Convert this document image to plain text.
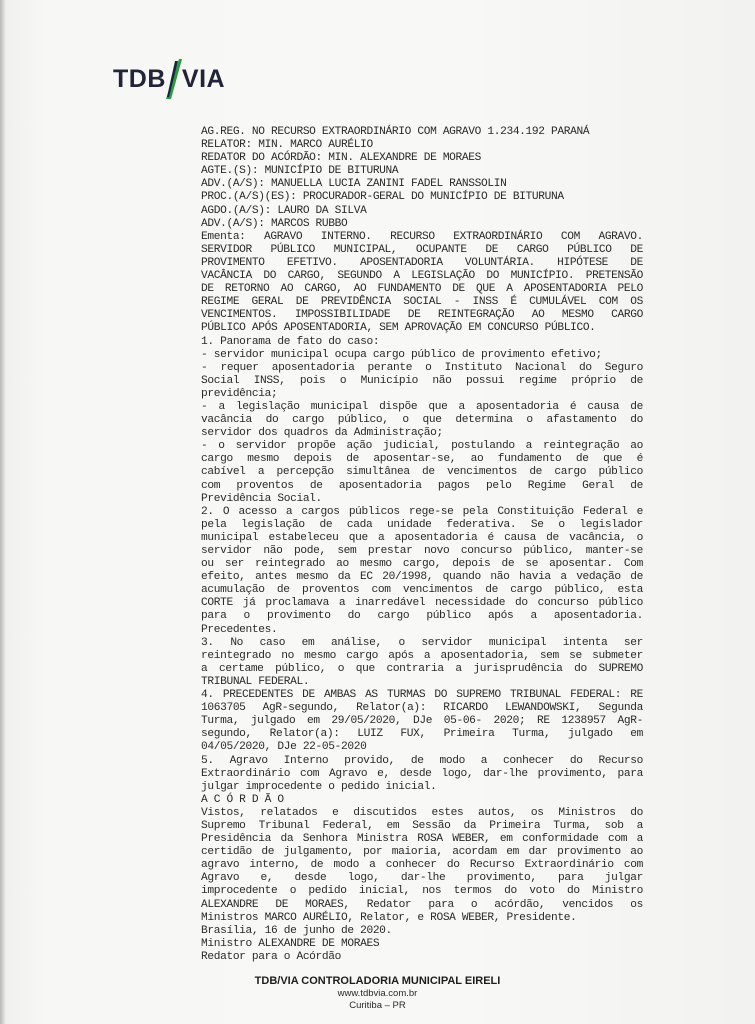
TDB VIA
AG.REG. NO RECURSO EXTRAORDINÁRIO COM AGRAVO 1.234.192 PARANÁ
RELATOR: MIN. MARCO AURÉLIO
REDATOR DO ACÓRDÃO: MIN. ALEXANDRE DE MORAES
AGTE.(S): MUNICÍPIO DE BITURUNA
ADV.(A/S): MANUELLA LUCIA ZANINI FADEL RANSSOLIN
PROC.(A/S)(ES): PROCURADOR-GERAL DO MUNICÍPIO DE BITURUNA
AGDO.(A/S): LAURO DA SILVA
ADV.(A/S): MARCOS RUBBO
Ementa: AGRAVO INTERNO. RECURSO EXTRAORDINÁRIO COM AGRAVO.
SERVIDOR PÚBLICO MUNICIPAL, OCUPANTE DE CARGO PÚBLICO DE
PROVIMENTO EFETIVO. APOSENTADORIA VOLUNTÁRIA. HIPÓTESE DE
VACÂNCIA DO CARGO, SEGUNDO A LEGISLAÇÃO DO MUNICÍPIO. PRETENSÃO
DE RETORNO AO CARGO, AO FUNDAMENTO DE QUE A APOSENTADORIA PELO
REGIME GERAL DE PREVIDÊNCIA SOCIAL - INSS É CUMULÁVEL COM OS
VENCIMENTOS. IMPOSSIBILIDADE DE REINTEGRAÇÃO AO MESMO CARGO
PÚBLICO APÓS APOSENTADORIA, SEM APROVAÇÃO EM CONCURSO PÚBLICO.
1. Panorama de fato do caso:
- servidor municipal ocupa cargo público de provimento efetivo;
- requer aposentadoria perante o Instituto Nacional do Seguro
Social INSS, pois o Município não possui regime próprio de
previdência;
- a legislação municipal dispõe que a aposentadoria é causa de
vacância do cargo público, o que determina o afastamento do
servidor dos quadros da Administração;
- o servidor propõe ação judicial, postulando a reintegração ao
cargo mesmo depois de aposentar-se, ao fundamento de que é
cabível a percepção simultânea de vencimentos de cargo público
com proventos de aposentadoria pagos pelo Regime Geral de
Previdência Social.
2. O acesso a cargos públicos rege-se pela Constituição Federal e
pela legislação de cada unidade federativa. Se o legislador
municipal estabeleceu que a aposentadoria é causa de vacância, o
servidor não pode, sem prestar novo concurso público, manter-se
ou ser reintegrado ao mesmo cargo, depois de se aposentar. Com
efeito, antes mesmo da EC 20/1998, quando não havia a vedação de
acumulação de proventos com vencimentos de cargo público, esta
CORTE já proclamava a inarredável necessidade do concurso público
para o provimento do cargo público após a aposentadoria.
Precedentes.
3. No caso em análise, o servidor municipal intenta ser
reintegrado no mesmo cargo após a aposentadoria, sem se submeter
a certame público, o que contraria a jurisprudência do SUPREMO
TRIBUNAL FEDERAL.
4. PRECEDENTES DE AMBAS AS TURMAS DO SUPREMO TRIBUNAL FEDERAL: RE
1063705 AgR-segundo, Relator(a): RICARDO LEWANDOWSKI, Segunda
Turma, julgado em 29/05/2020, DJe 05-06- 2020; RE 1238957 AgR-
segundo, Relator(a): LUIZ FUX, Primeira Turma, julgado em
04/05/2020, DJe 22-05-2020
5. Agravo Interno provido, de modo a conhecer do Recurso
Extraordinário com Agravo e, desde logo, dar-lhe provimento, para
julgar improcedente o pedido inicial.
A C Ó R D Ã O
Vistos, relatados e discutidos estes autos, os Ministros do
Supremo Tribunal Federal, em Sessão da Primeira Turma, sob a
Presidência da Senhora Ministra ROSA WEBER, em conformidade com a
certidão de julgamento, por maioria, acordam em dar provimento ao
agravo interno, de modo a conhecer do Recurso Extraordinário com
Agravo e, desde logo, dar-lhe provimento, para julgar
improcedente o pedido inicial, nos termos do voto do Ministro
ALEXANDRE DE MORAES, Redator para o acórdão, vencidos os
Ministros MARCO AURÉLIO, Relator, e ROSA WEBER, Presidente.
Brasília, 16 de junho de 2020.
Ministro ALEXANDRE DE MORAES
Redator para o Acórdão
TDB/VIA CONTROLADORIA MUNICIPAL EIRELI
www.tdbvia.com.br
Curitiba – PR
